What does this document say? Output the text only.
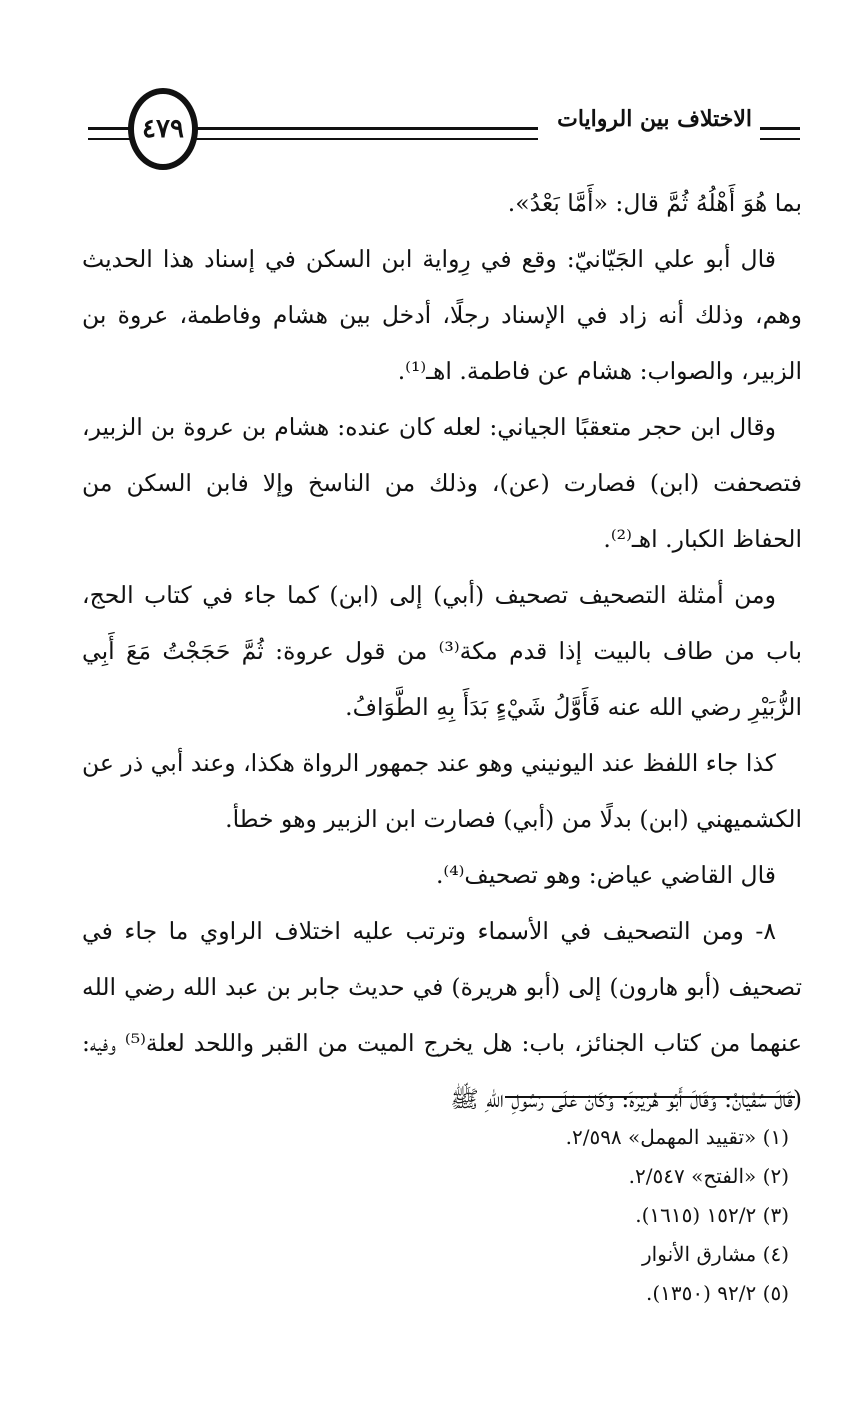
الاختلاف بين الروايات
٤٧٩

بما هُوَ أَهْلُهُ ثُمَّ قال: «أَمَّا بَعْدُ».

قال أبو علي الجَيّانيّ: وقع في رِواية ابن السكن في إسناد هذا الحديث وهم، وذلك أنه زاد في الإسناد رجلًا، أدخل بين هشام وفاطمة، عروة بن الزبير، والصواب: هشام عن فاطمة. اهـ⁽¹⁾.

وقال ابن حجر متعقبًا الجياني: لعله كان عنده: هشام بن عروة بن الزبير، فتصحفت (ابن) فصارت (عن)، وذلك من الناسخ وإلا فابن السكن من الحفاظ الكبار. اهـ⁽²⁾.

ومن أمثلة التصحيف تصحيف (أبي) إلى (ابن) كما جاء في كتاب الحج، باب من طاف بالبيت إذا قدم مكة⁽³⁾ من قول عروة: ثُمَّ حَجَجْتُ مَعَ أَبِي الزُّبَيْرِ رضي الله عنه فَأَوَّلُ شَيْءٍ بَدَأَ بِهِ الطَّوَافُ.

كذا جاء اللفظ عند اليونيني وهو عند جمهور الرواة هكذا، وعند أبي ذر عن الكشميهني (ابن) بدلًا من (أبي) فصارت ابن الزبير وهو خطأ.

قال القاضي عياض: وهو تصحيف⁽⁴⁾.

٨- ومن التصحيف في الأسماء وترتب عليه اختلاف الراوي ما جاء في تصحيف (أبو هارون) إلى (أبو هريرة) في حديث جابر بن عبد الله رضي الله عنهما من كتاب الجنائز، باب: هل يخرج الميت من القبر واللحد لعلة⁽⁵⁾ وفيه: (قَالَ سُفْيَانُ: وَقَالَ أَبُو هُرَيْرَةَ: وَكَانَ عَلَى رَسُولِ اللهِ ﷺ

(١) «تقييد المهمل» ٢/٥٩٨.
(٢) «الفتح» ٢/٥٤٧.
(٣) ١٥٢/٢ (١٦١٥).
(٤) مشارق الأنوار
(٥) ٩٢/٢ (١٣٥٠).
